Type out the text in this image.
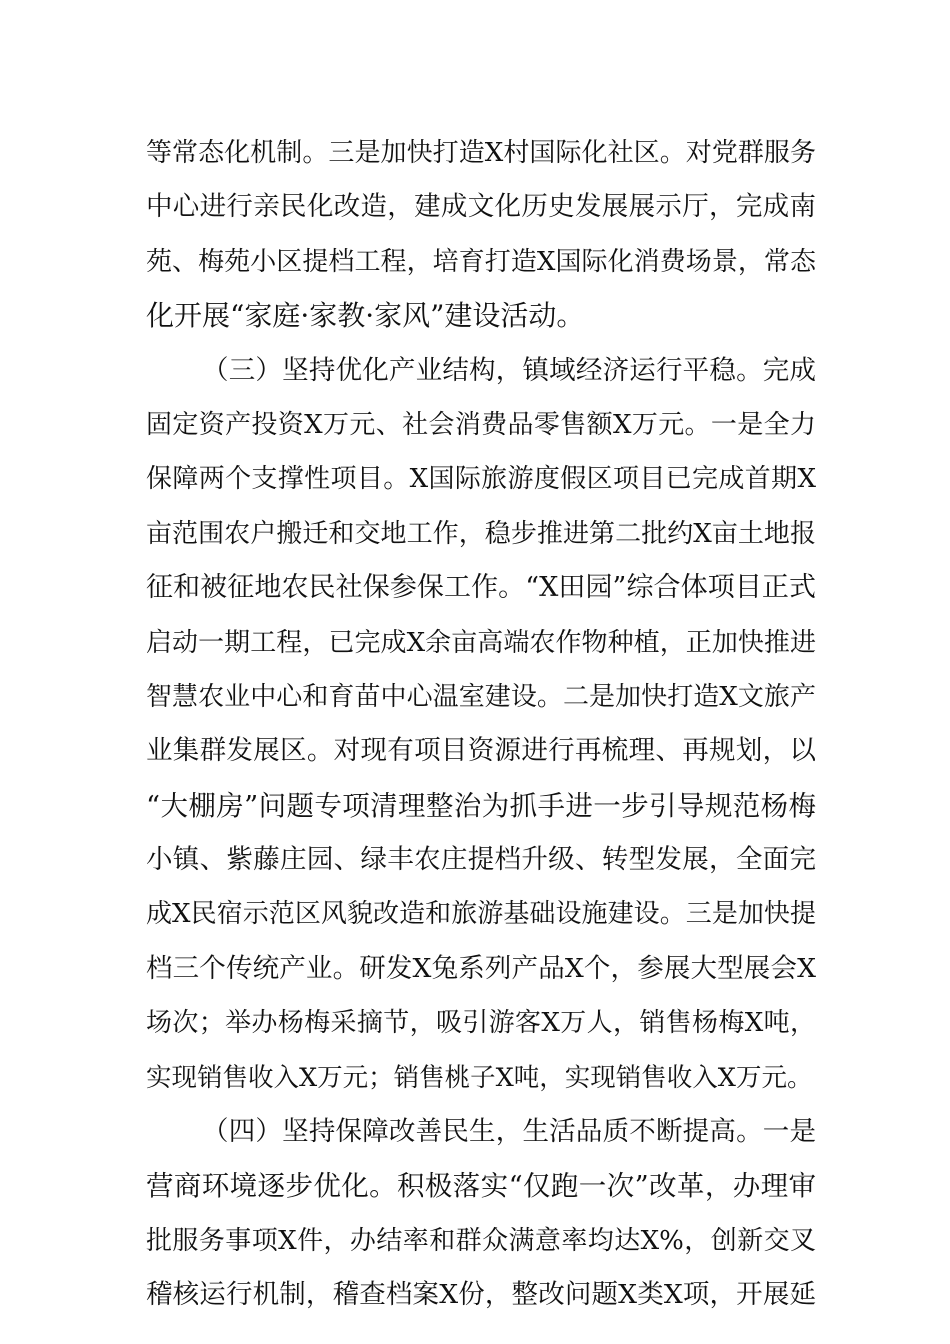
等常态化机制。三是加快打造X村国际化社区。对党群服务
中心进行亲民化改造，建成文化历史发展展示厅，完成南
苑、梅苑小区提档工程，培育打造X国际化消费场景，常态
化开展“家庭·家教·家风”建设活动。
（三）坚持优化产业结构，镇域经济运行平稳。完成
固定资产投资X万元、社会消费品零售额X万元。一是全力
保障两个支撑性项目。X国际旅游度假区项目已完成首期X
亩范围农户搬迁和交地工作，稳步推进第二批约X亩土地报
征和被征地农民社保参保工作。“X田园”综合体项目正式
启动一期工程，已完成X余亩高端农作物种植，正加快推进
智慧农业中心和育苗中心温室建设。二是加快打造X文旅产
业集群发展区。对现有项目资源进行再梳理、再规划，以
“大棚房”问题专项清理整治为抓手进一步引导规范杨梅
小镇、紫藤庄园、绿丰农庄提档升级、转型发展，全面完
成X民宿示范区风貌改造和旅游基础设施建设。三是加快提
档三个传统产业。研发X兔系列产品X个，参展大型展会X
场次；举办杨梅采摘节，吸引游客X万人，销售杨梅X吨，
实现销售收入X万元；销售桃子X吨，实现销售收入X万元。
（四）坚持保障改善民生，生活品质不断提高。一是
营商环境逐步优化。积极落实“仅跑一次”改革，办理审
批服务事项X件，办结率和群众满意率均达X%，创新交叉
稽核运行机制，稽查档案X份，整改问题X类X项，开展延
